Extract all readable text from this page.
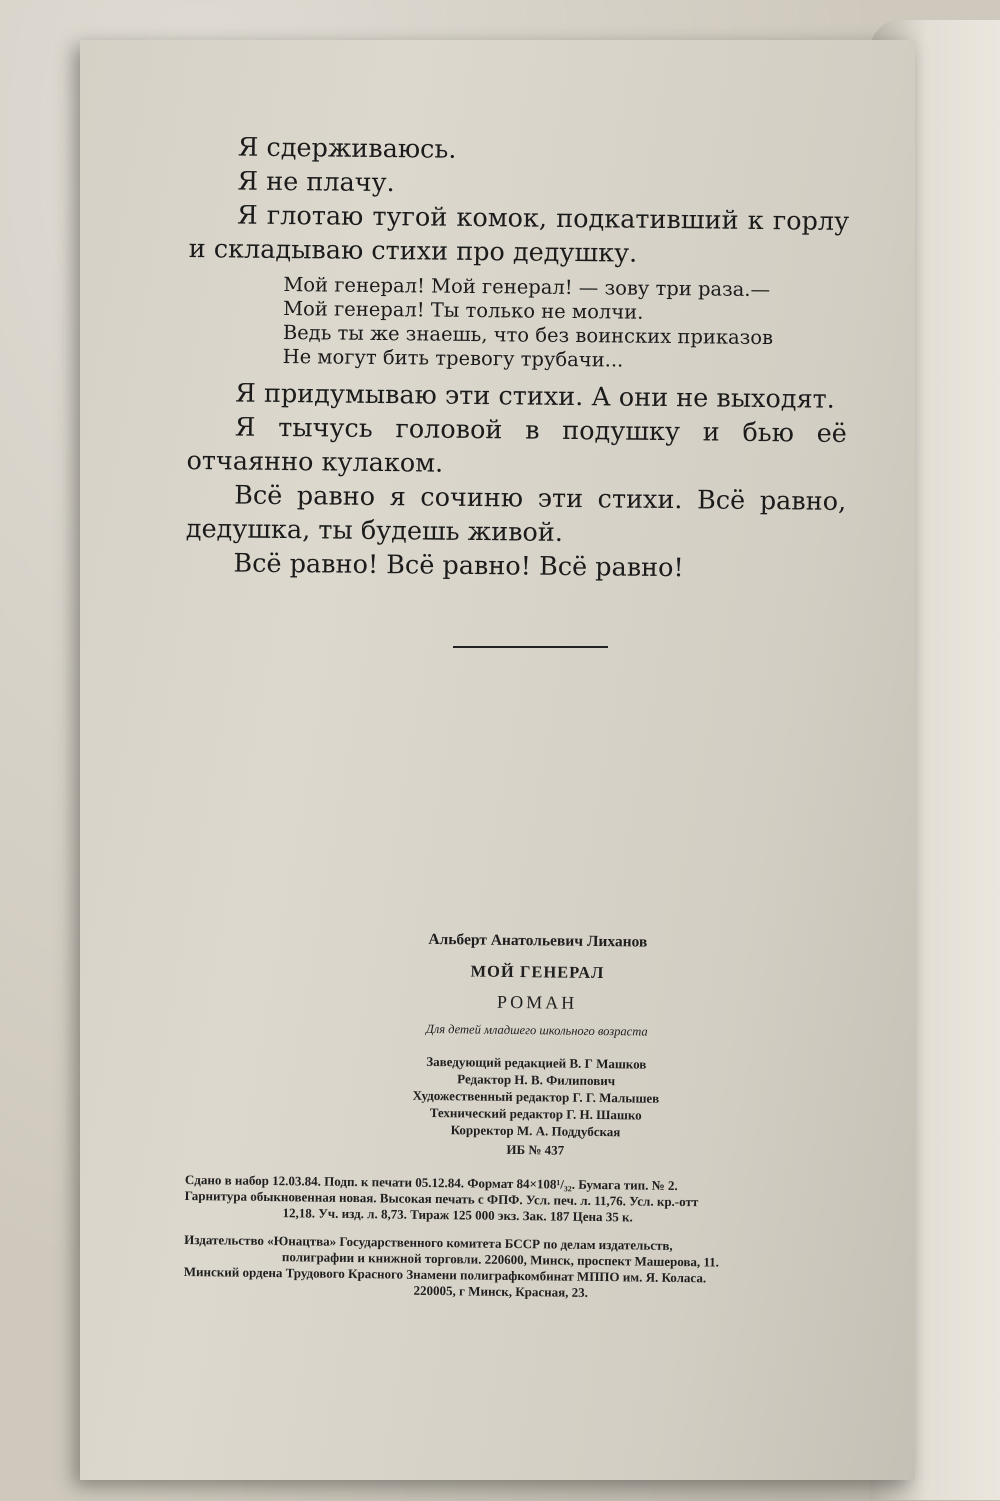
Я сдерживаюсь.

Я не плачу.

Я глотаю тугой комок, подкативший к горлу и складываю стихи про дедушку.

Мой генерал! Мой генерал! — зову три раза.—
Мой генерал! Ты только не молчи.
Ведь ты же знаешь, что без воинских приказов
Не могут бить тревогу трубачи...

Я придумываю эти стихи. А они не выходят.

Я тычусь головой в подушку и бью её отчаянно кулаком.

Всё равно я сочиню эти стихи. Всё равно, дедушка, ты будешь живой.

Всё равно! Всё равно! Всё равно!

Альберт Анатольевич Лиханов
МОЙ ГЕНЕРАЛ
РОМАН
Для детей младшего школьного возраста
Заведующий редакцией В. Г Машков
Редактор Н. В. Филипович
Художественный редактор Г. Г. Малышев
Технический редактор Г. Н. Шашко
Корректор М. А. Поддубская
ИБ № 437
Сдано в набор 12.03.84. Подп. к печати 05.12.84. Формат 84×108¹/₃₂. Бумага тип. № 2.
Гарнитура обыкновенная новая. Высокая печать с ФПФ. Усл. печ. л. 11,76. Усл. кр.-отт
12,18. Уч. изд. л. 8,73. Тираж 125 000 экз. Зак. 187 Цена 35 к.
Издательство «Юнацтва» Государственного комитета БССР по делам издательств,
полиграфии и книжной торговли. 220600, Минск, проспект Машерова, 11.
Минский ордена Трудового Красного Знамени полиграфкомбинат МППО им. Я. Коласа.
220005, г Минск, Красная, 23.
